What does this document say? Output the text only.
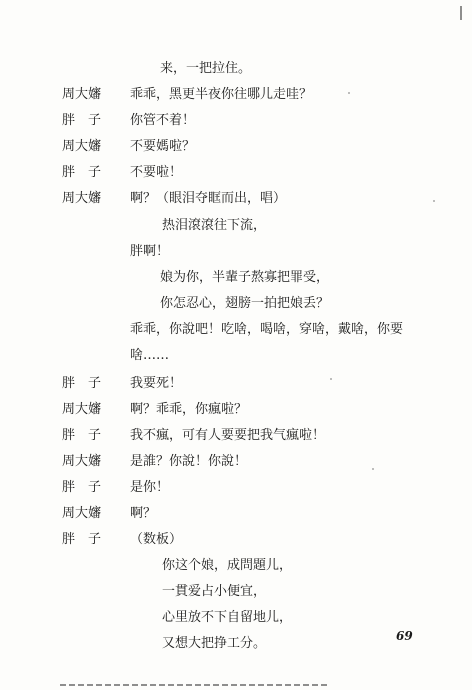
来，一把拉住。
周大嬸 乖乖，黑更半夜你往哪儿走哇？
胖　子 你管不着！
周大嬸 不要媽啦？
胖　子 不要啦！
周大嬸 啊？（眼泪夺眶而出，唱）
热泪滾滾往下流，
胖啊！
娘为你，半輩子熬寡把罪受，
你怎忍心，翅膀一拍把娘丢？
乖乖，你說吧！吃啥，喝啥，穿啥，戴啥，你要
啥……
胖　子 我要死！
周大嬸 啊？乖乖，你瘋啦？
胖　子 我不瘋，可有人要要把我气瘋啦！
周大嬸 是誰？你說！你說！
胖　子 是你！
周大嬸 啊？
胖　子 （数板）
你这个娘，成問題儿，
一貫爱占小便宜，
心里放不下自留地儿，
又想大把挣工分。	69
